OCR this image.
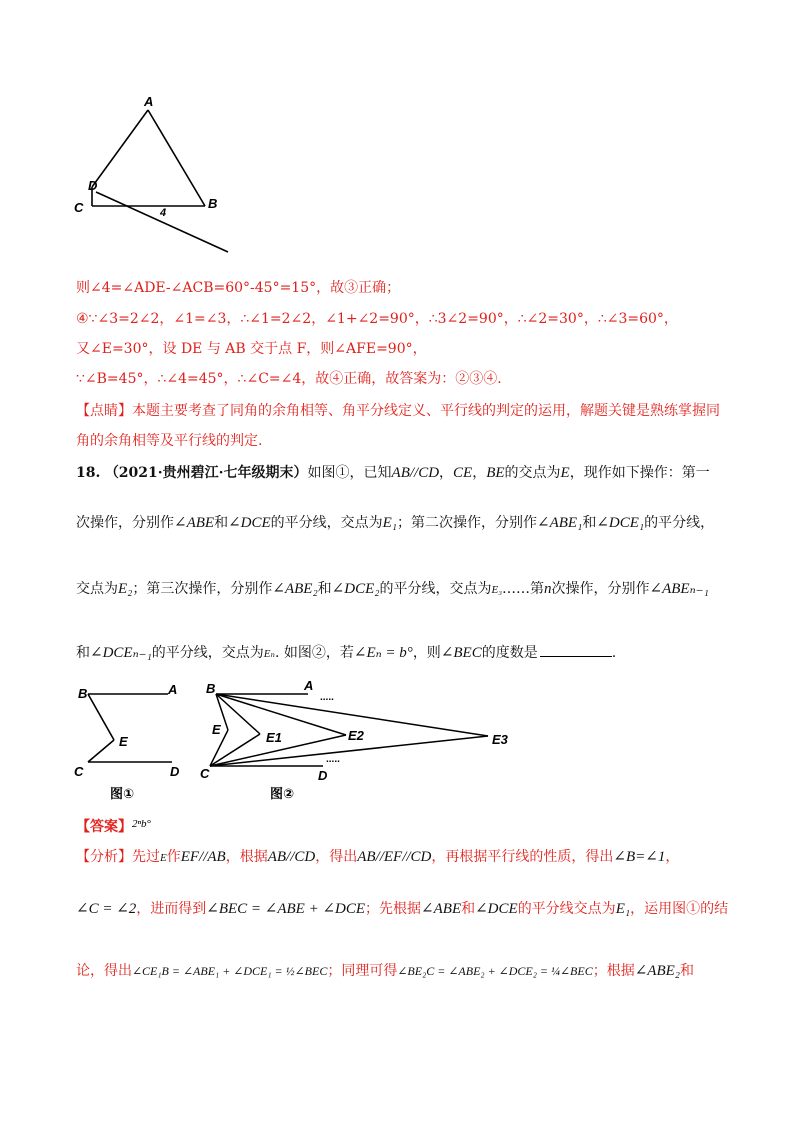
A
D
C	B
4
则∠4=∠ADE-∠ACB=60°-45°=15°，故③正确；
④∵∠3=2∠2，∠1=∠3，∴∠1=2∠2，∠1+∠2=90°，∴3∠2=90°，∴∠2=30°，∴∠3=60°，
又∠E=30°，设 DE 与 AB 交于点 F，则∠AFE=90°，
∵∠B=45°，∴∠4=45°，∴∠C=∠4，故④正确，故答案为：②③④.
【点睛】本题主要考查了同角的余角相等、角平分线定义、平行线的判定的运用，解题关键是熟练掌握同
角的余角相等及平行线的判定.
18. （2021·贵州碧江·七年级期末）如图①，已知AB//CD，CE，BE的交点为E，现作如下操作：第一
次操作，分别作∠ABE和∠DCE的平分线，交点为E₁；第二次操作，分别作∠ABE₁和∠DCE₁的平分线，
交点为E₂；第三次操作，分别作∠ABE₂和∠DCE₂的平分线，交点为E₃……第n次操作，分别作∠ABEₙ₋₁
和∠DCEₙ₋₁的平分线，交点为Eₙ. 如图②，若∠Eₙ = b°，则∠BEC的度数是	.
B	A
E
C	D
图①
.....
.....
B	A
E
E1	E2	E3
C	D
图②
【答案】$^{2^nb^\circ}$
【分析】先过E作EF//AB，根据AB//CD，得出AB//EF//CD，再根据平行线的性质，得出∠B=∠1，
∠C = ∠2，进而得到∠BEC = ∠ABE + ∠DCE；先根据∠ABE和∠DCE的平分线交点为E₁，运用图①的结
论，得出∠CE₁B = ∠ABE₁ + ∠DCE₁ = ½∠BEC；同理可得∠BE₂C = ∠ABE₂ + ∠DCE₂ = ¼∠BEC；根据∠ABE₂和
